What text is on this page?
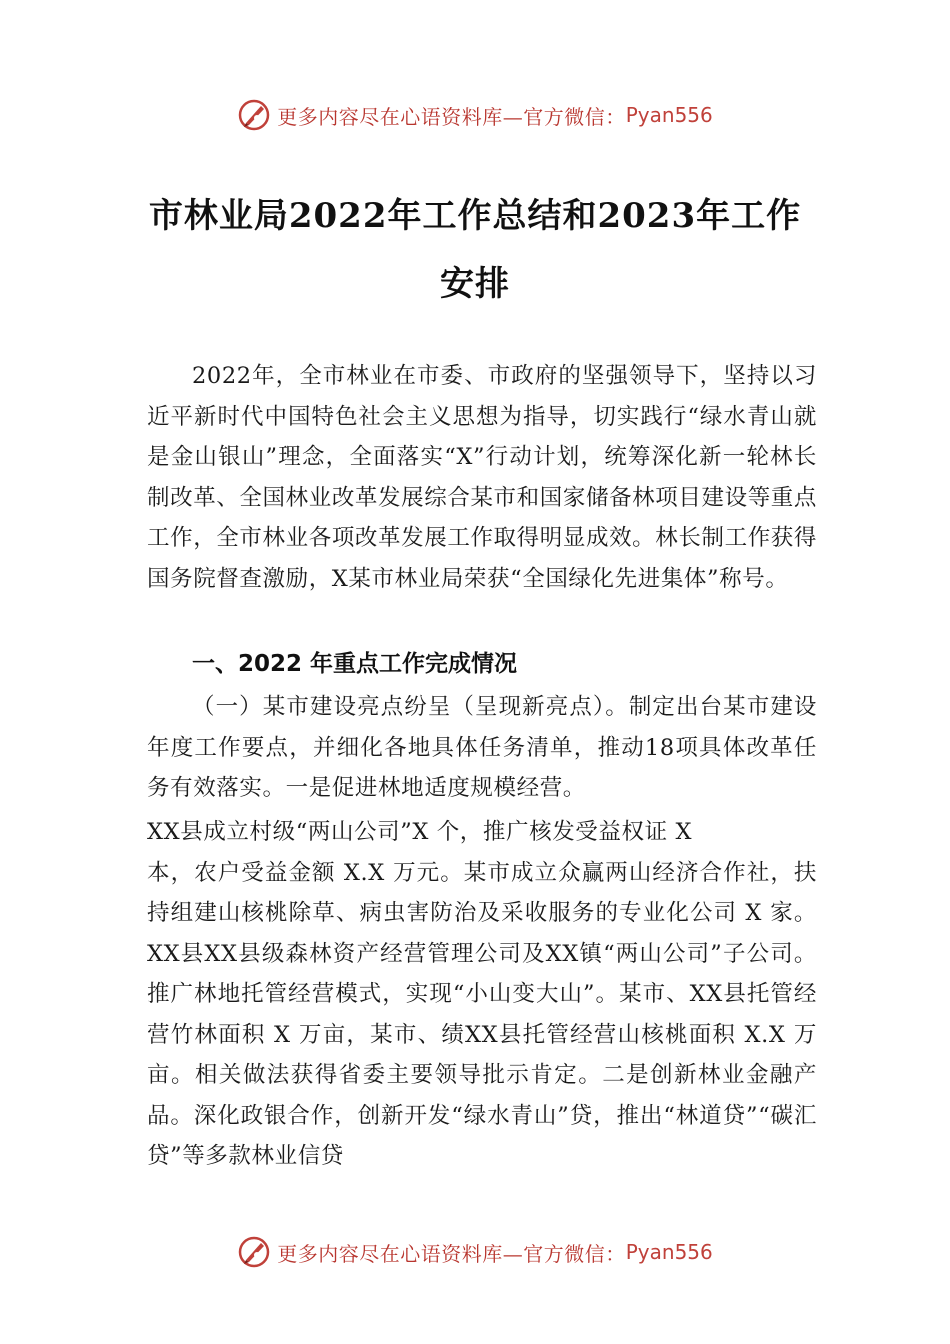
更多内容尽在心语资料库—官方微信： Pyan556
市林业局2022年工作总结和2023年工作
安排
2022年，全市林业在市委、市政府的坚强领导下，坚持以习近平新时代中国特色社会主义思想为指导，切实践行“绿水青山就是金山银山”理念，全面落实“X”行动计划，统筹深化新一轮林长制改革、全国林业改革发展综合某市和国家储备林项目建设等重点工作，全市林业各项改革发展工作取得明显成效。林长制工作获得国务院督查激励，X某市林业局荣获“全国绿化先进集体”称号。
一、2022 年重点工作完成情况
（一）某市建设亮点纷呈（呈现新亮点）。制定出台某市建设年度工作要点，并细化各地具体任务清单，推动18项具体改革任务有效落实。一是促进林地适度规模经营。
XX县成立村级“两山公司”X 个，推广核发受益权证 X
本，农户受益金额 X.X 万元。某市成立众赢两山经济合作社，扶持组建山核桃除草、病虫害防治及采收服务的专业化公司 X 家。XX县XX县级森林资产经营管理公司及XX镇“两山公司”子公司。推广林地托管经营模式，实现“小山变大山”。某市、XX县托管经营竹林面积 X 万亩，某市、绩XX县托管经营山核桃面积 X.X 万亩。相关做法获得省委主要领导批示肯定。二是创新林业金融产品。深化政银合作，创新开发“绿水青山”贷，推出“林道贷”“碳汇贷”等多款林业信贷
更多内容尽在心语资料库—官方微信： Pyan556
